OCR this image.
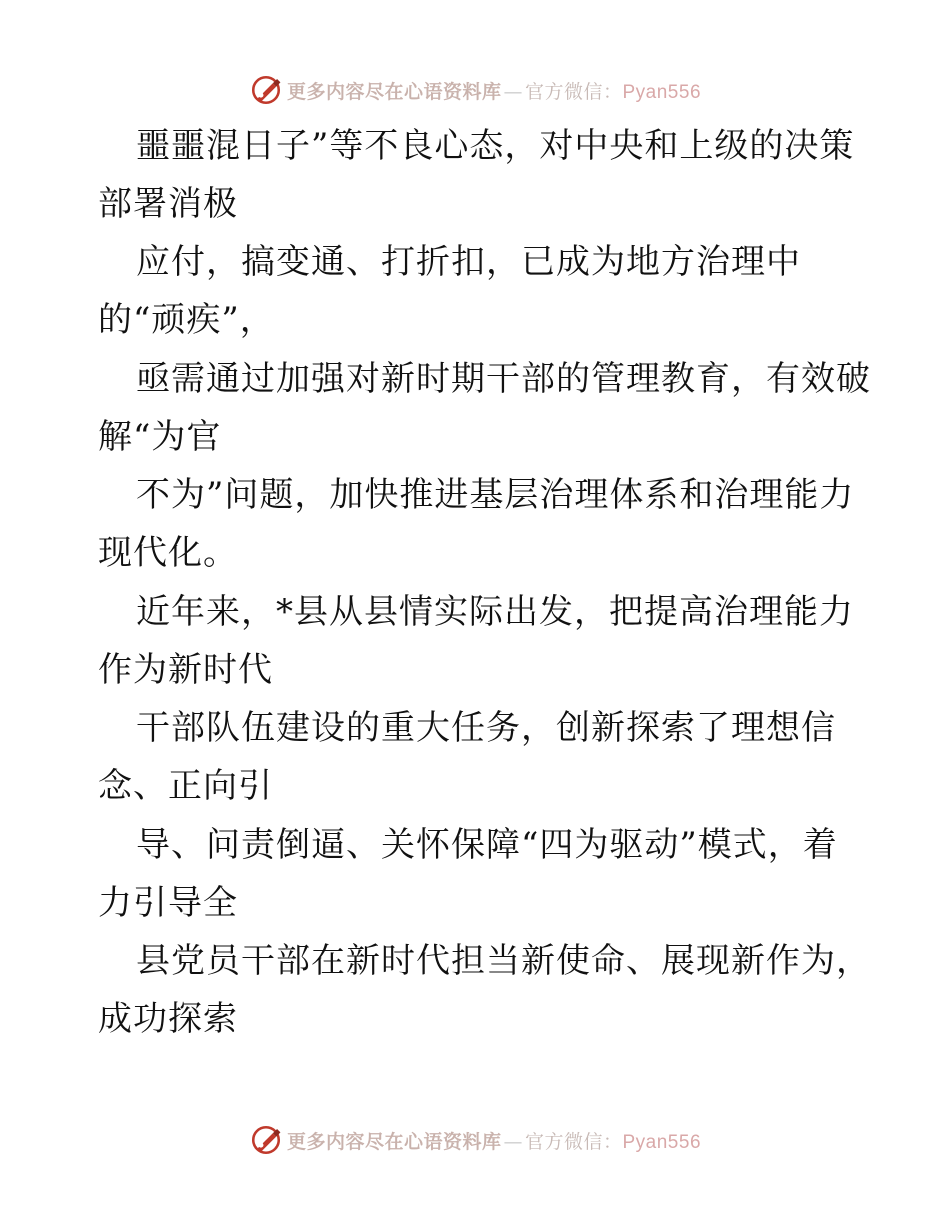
更多内容尽在心语资料库 — 官方微信：Pyan556
噩噩混日子”等不良心态，对中央和上级的决策
部署消极
应付，搞变通、打折扣，已成为地方治理中
的“顽疾”，
亟需通过加强对新时期干部的管理教育，有效破
解“为官
不为”问题，加快推进基层治理体系和治理能力
现代化。
近年来，*县从县情实际出发，把提高治理能力
作为新时代
干部队伍建设的重大任务，创新探索了理想信
念、正向引
导、问责倒逼、关怀保障“四为驱动”模式，着
力引导全
县党员干部在新时代担当新使命、展现新作为，
成功探索
更多内容尽在心语资料库 — 官方微信：Pyan556
